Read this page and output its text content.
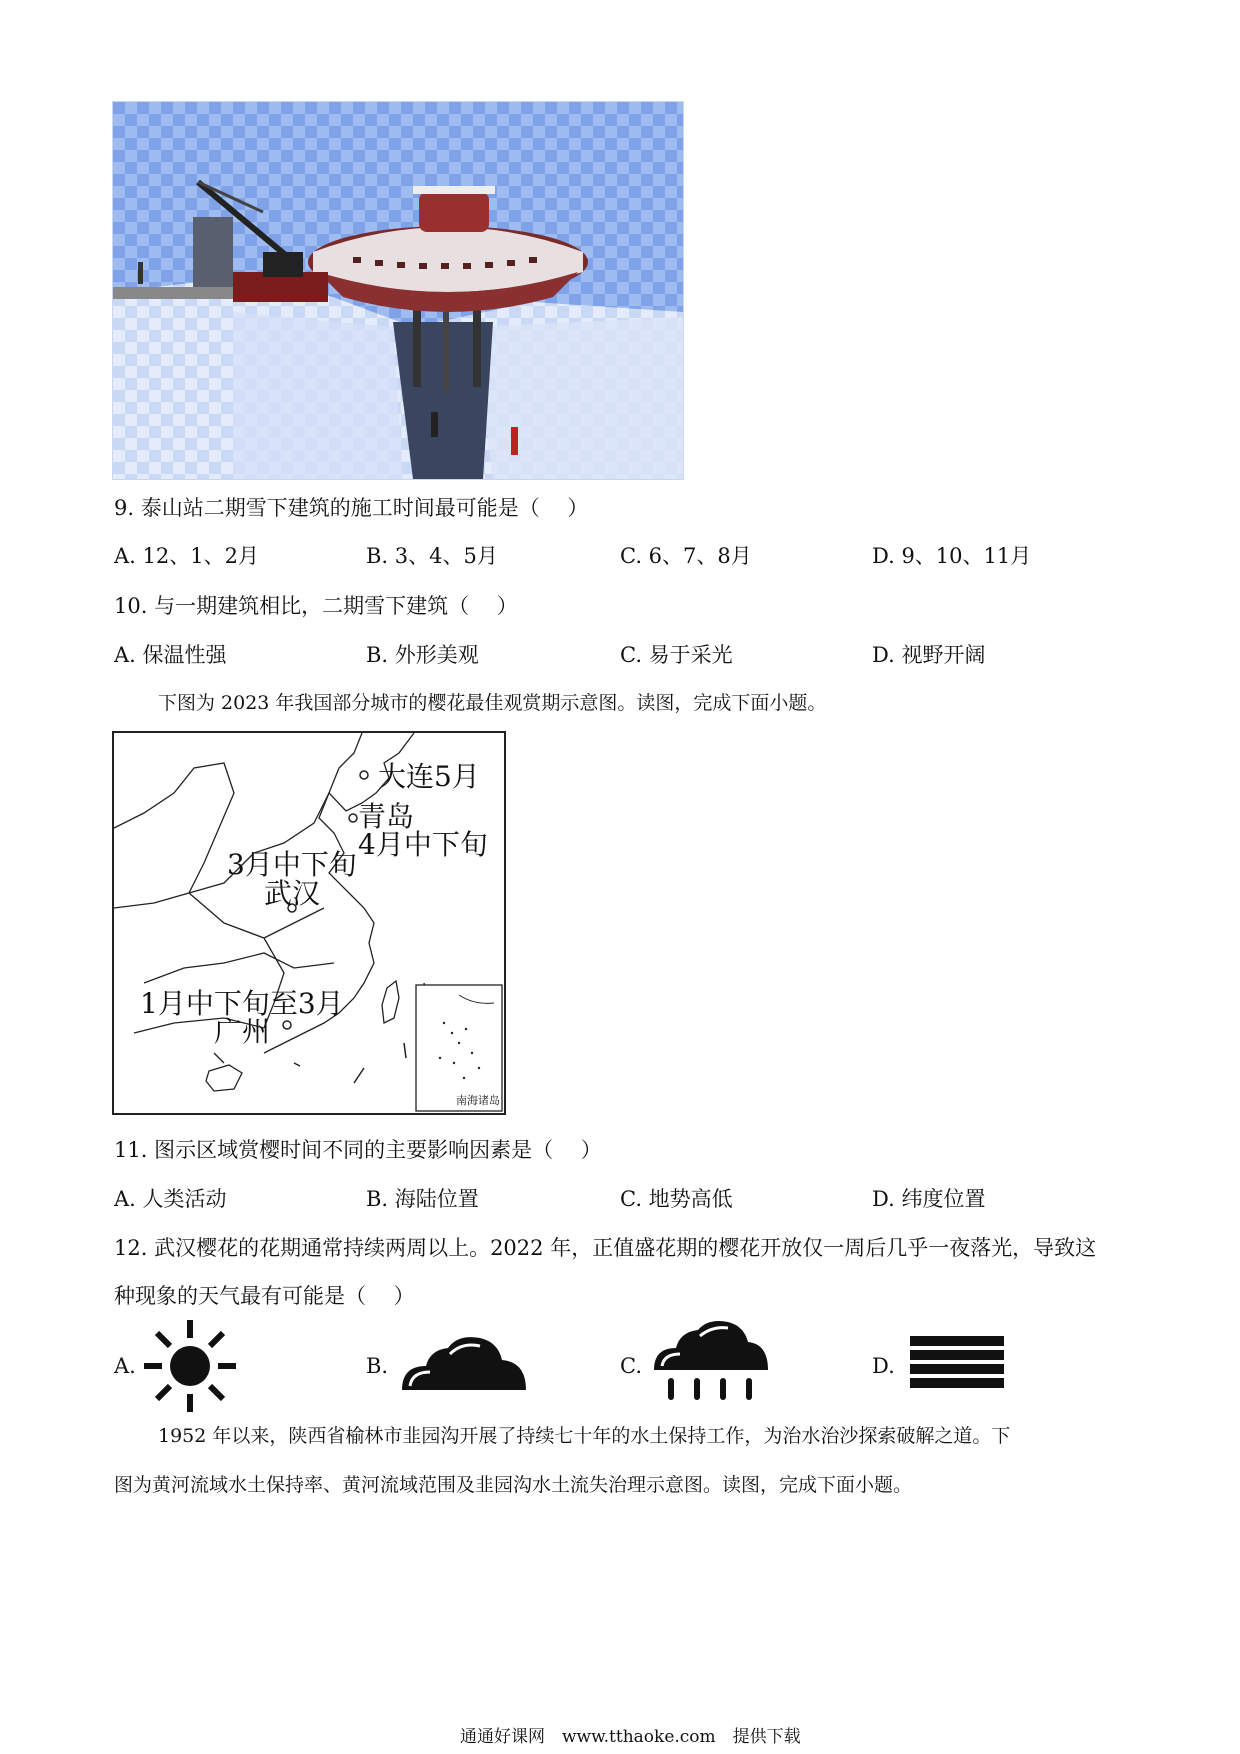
9. 泰山站二期雪下建筑的施工时间最可能是（　 ）
A. 12、1、2月	B. 3、4、5月	C. 6、7、8月	D. 9、10、11月
10. 与一期建筑相比，二期雪下建筑（　 ）
A. 保温性强	B. 外形美观	C. 易于采光	D. 视野开阔
下图为 2023 年我国部分城市的樱花最佳观赏期示意图。读图，完成下面小题。
大连5月
青岛
4月中下旬
3月中下旬
武汉
1月中下旬至3月
广州
南海诸岛
11. 图示区域赏樱时间不同的主要影响因素是（　 ）
A. 人类活动	B. 海陆位置	C. 地势高低	D. 纬度位置
12. 武汉樱花的花期通常持续两周以上。2022 年，正值盛花期的樱花开放仅一周后几乎一夜落光，导致这
种现象的天气最有可能是（　 ）
A.	B.	C.	D.
1952 年以来，陕西省榆林市韭园沟开展了持续七十年的水土保持工作，为治水治沙探索破解之道。下
图为黄河流域水土保持率、黄河流域范围及韭园沟水土流失治理示意图。读图，完成下面小题。
通通好课网　www.tthaoke.com　提供下载
